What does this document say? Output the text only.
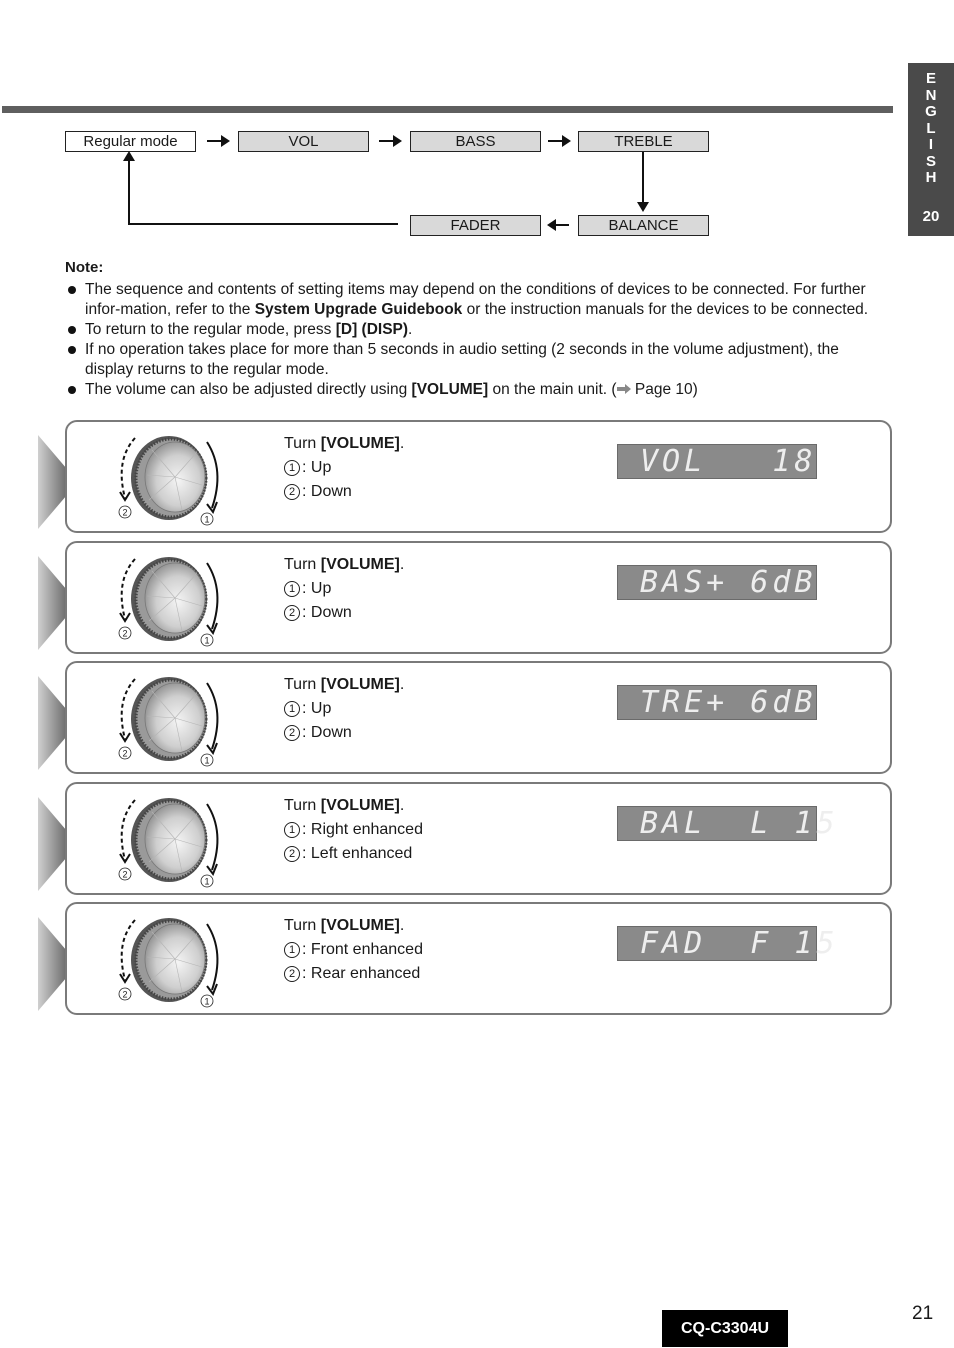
E
N
G
L
I
S
H
20
Regular mode	VOL	BASS	TREBLE
BALANCE
FADER
Note:
The sequence and contents of setting items may depend on the conditions of devices to be connected. For further infor-mation, refer to the System Upgrade Guidebook or the instruction manuals for the devices to be connected.
To return to the regular mode, press [D] (DISP).
If no operation takes place for more than 5 seconds in audio setting (2 seconds in the volume adjustment), the display returns to the regular mode.
The volume can also be adjusted directly using [VOLUME] on the main unit. ( Page 10)
2
1
Turn [VOLUME].
1 : Up
2 : Down
VOL   18
2
1
Turn [VOLUME].
1 : Up
2 : Down
BAS+ 6dB
2
1
Turn [VOLUME].
1 : Up
2 : Down
TRE+ 6dB
2
1
Turn [VOLUME].
1 : Right enhanced
2 : Left enhanced
BAL  L 15
2
1
Turn [VOLUME].
1 : Front enhanced
2 : Rear enhanced
FAD  F 15
CQ-C3304U
21
